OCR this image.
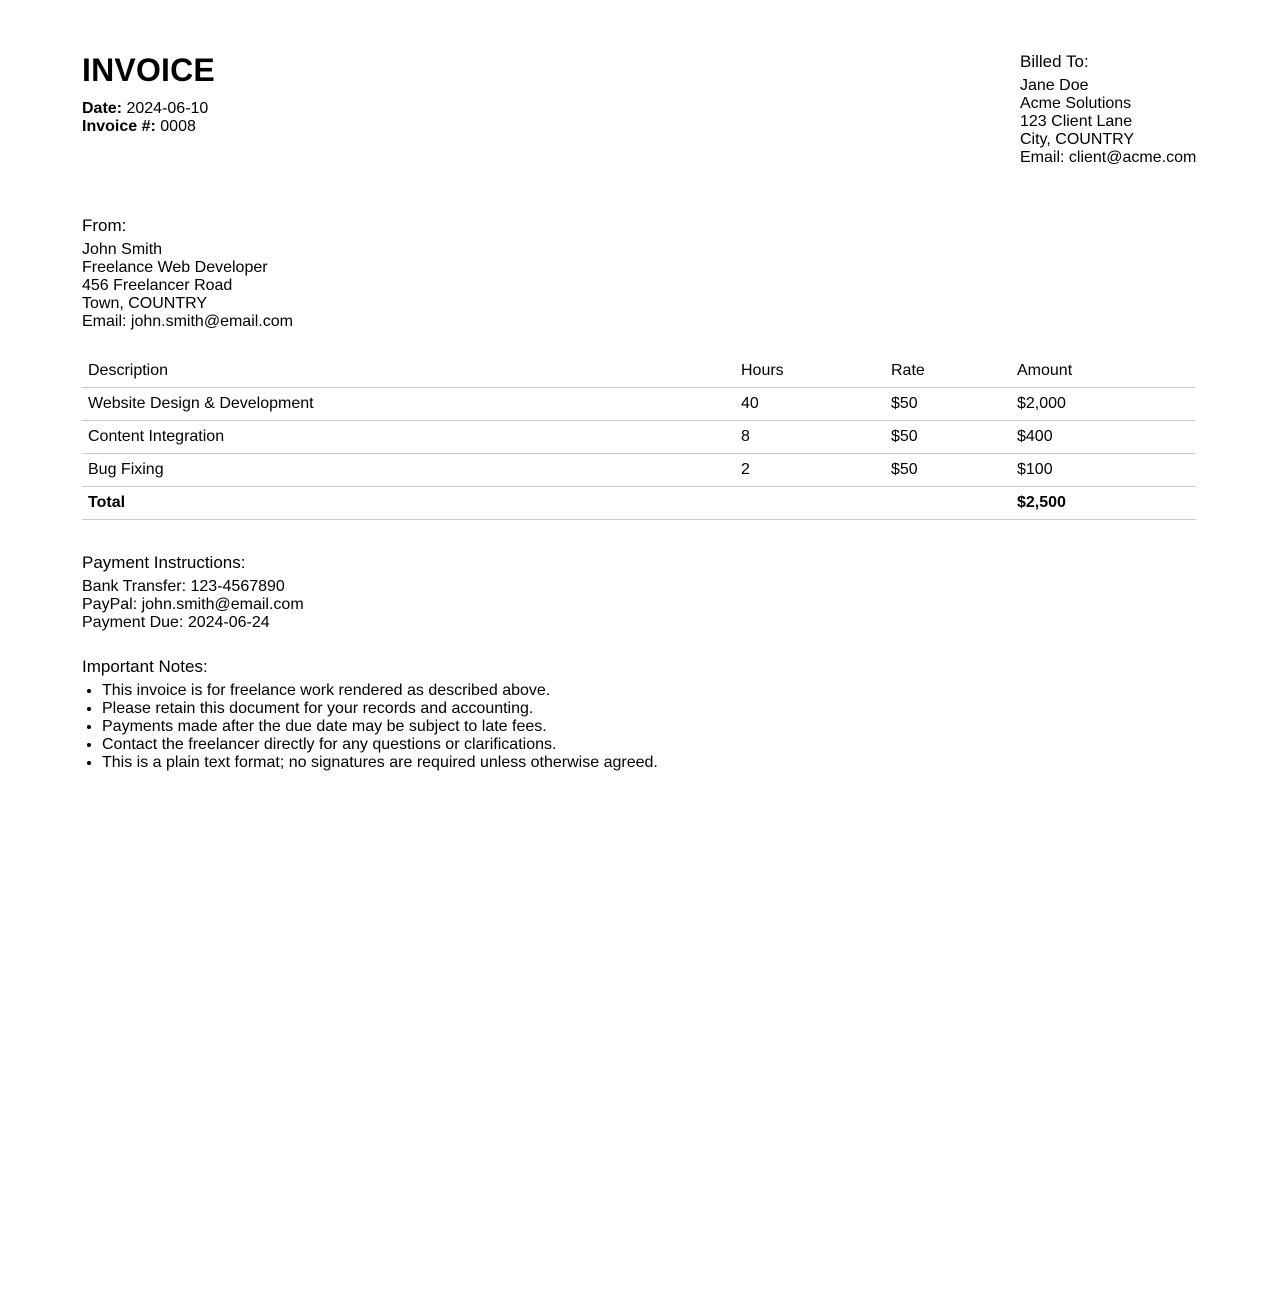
INVOICE
Date: 2024-06-10
Invoice #: 0008
Billed To:
Jane Doe
Acme Solutions
123 Client Lane
City, COUNTRY
Email: client@acme.com
From:
John Smith
Freelance Web Developer
456 Freelancer Road
Town, COUNTRY
Email: john.smith@email.com
Description	Hours	Rate	Amount
Website Design & Development	40	$50	$2,000
Content Integration	8	$50	$400
Bug Fixing	2	$50	$100
Total			$2,500
Payment Instructions:
Bank Transfer: 123-4567890
PayPal: john.smith@email.com
Payment Due: 2024-06-24
Important Notes:
• This invoice is for freelance work rendered as described above.
• Please retain this document for your records and accounting.
• Payments made after the due date may be subject to late fees.
• Contact the freelancer directly for any questions or clarifications.
• This is a plain text format; no signatures are required unless otherwise agreed.
